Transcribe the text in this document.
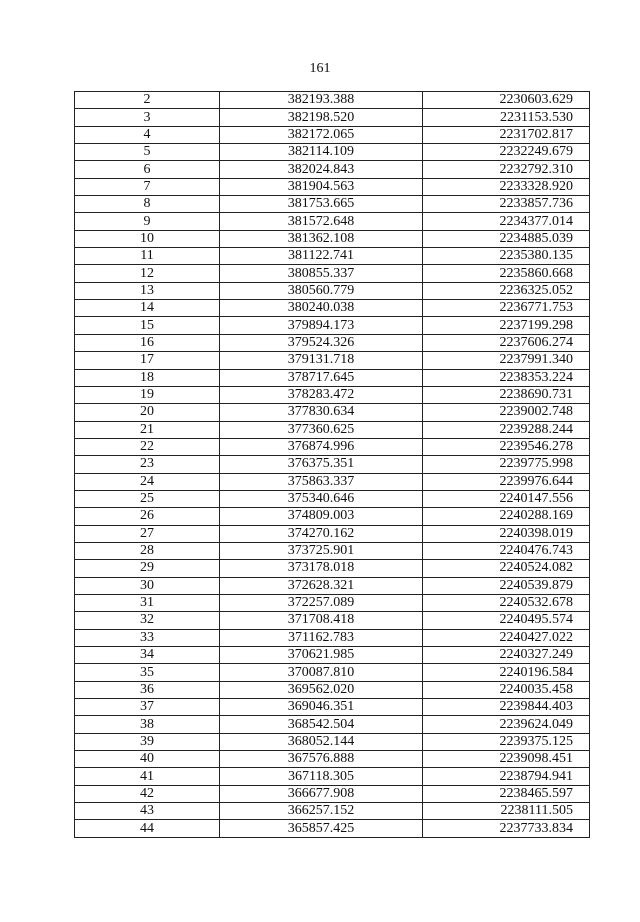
161
2	382193.388	2230603.629
3	382198.520	2231153.530
4	382172.065	2231702.817
5	382114.109	2232249.679
6	382024.843	2232792.310
7	381904.563	2233328.920
8	381753.665	2233857.736
9	381572.648	2234377.014
10	381362.108	2234885.039
11	381122.741	2235380.135
12	380855.337	2235860.668
13	380560.779	2236325.052
14	380240.038	2236771.753
15	379894.173	2237199.298
16	379524.326	2237606.274
17	379131.718	2237991.340
18	378717.645	2238353.224
19	378283.472	2238690.731
20	377830.634	2239002.748
21	377360.625	2239288.244
22	376874.996	2239546.278
23	376375.351	2239775.998
24	375863.337	2239976.644
25	375340.646	2240147.556
26	374809.003	2240288.169
27	374270.162	2240398.019
28	373725.901	2240476.743
29	373178.018	2240524.082
30	372628.321	2240539.879
31	372257.089	2240532.678
32	371708.418	2240495.574
33	371162.783	2240427.022
34	370621.985	2240327.249
35	370087.810	2240196.584
36	369562.020	2240035.458
37	369046.351	2239844.403
38	368542.504	2239624.049
39	368052.144	2239375.125
40	367576.888	2239098.451
41	367118.305	2238794.941
42	366677.908	2238465.597
43	366257.152	2238111.505
44	365857.425	2237733.834
